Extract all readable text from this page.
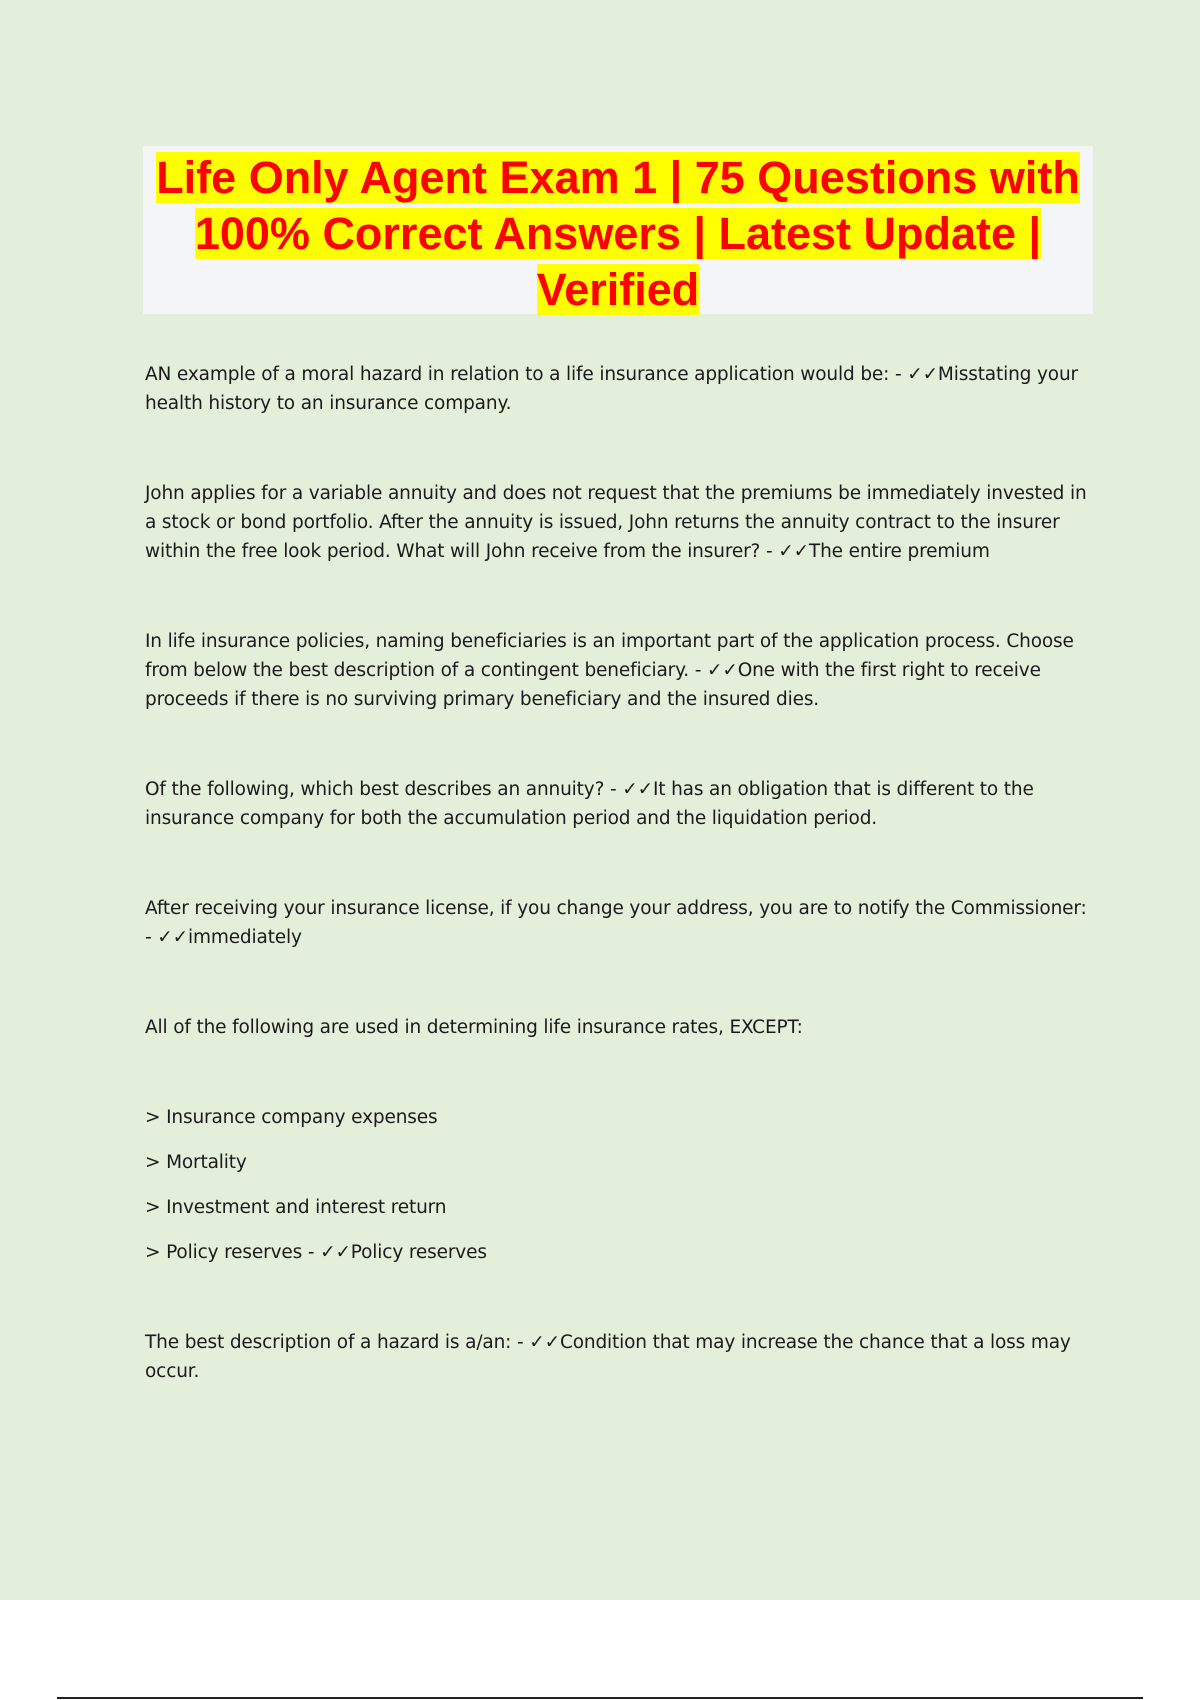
Life Only Agent Exam 1 | 75 Questions with 100% Correct Answers | Latest Update | Verified

AN example of a moral hazard in relation to a life insurance application would be: - ✓✓Misstating your health history to an insurance company.

John applies for a variable annuity and does not request that the premiums be immediately invested in a stock or bond portfolio. After the annuity is issued, John returns the annuity contract to the insurer within the free look period. What will John receive from the insurer? - ✓✓The entire premium

In life insurance policies, naming beneficiaries is an important part of the application process. Choose from below the best description of a contingent beneficiary. - ✓✓One with the first right to receive proceeds if there is no surviving primary beneficiary and the insured dies.

Of the following, which best describes an annuity? - ✓✓It has an obligation that is different to the insurance company for both the accumulation period and the liquidation period.

After receiving your insurance license, if you change your address, you are to notify the Commissioner: - ✓✓immediately

All of the following are used in determining life insurance rates, EXCEPT:

> Insurance company expenses

> Mortality

> Investment and interest return

> Policy reserves - ✓✓Policy reserves

The best description of a hazard is a/an: - ✓✓Condition that may increase the chance that a loss may occur.
